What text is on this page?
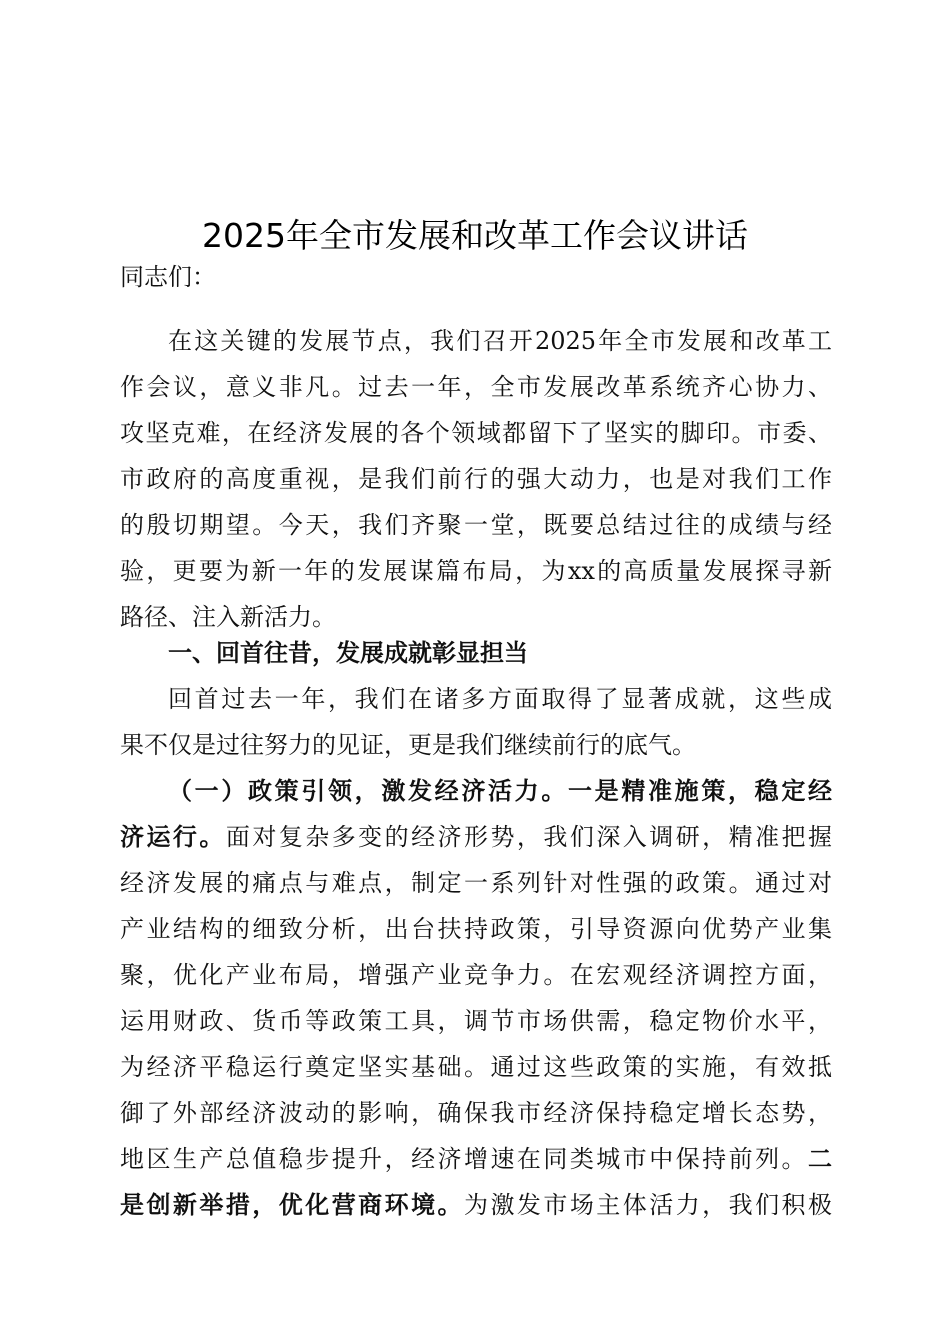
2025年全市发展和改革工作会议讲话
同志们：
在这关键的发展节点，我们召开2025年全市发展和改革工
作会议，意义非凡。过去一年，全市发展改革系统齐心协力、
攻坚克难，在经济发展的各个领域都留下了坚实的脚印。市委、
市政府的高度重视，是我们前行的强大动力，也是对我们工作
的殷切期望。今天，我们齐聚一堂，既要总结过往的成绩与经
验，更要为新一年的发展谋篇布局，为xx的高质量发展探寻新
路径、注入新活力。
一、回首往昔，发展成就彰显担当
回首过去一年，我们在诸多方面取得了显著成就，这些成
果不仅是过往努力的见证，更是我们继续前行的底气。
（一）政策引领，激发经济活力。一是精准施策，稳定经
济运行。面对复杂多变的经济形势，我们深入调研，精准把握
经济发展的痛点与难点，制定一系列针对性强的政策。通过对
产业结构的细致分析，出台扶持政策，引导资源向优势产业集
聚，优化产业布局，增强产业竞争力。在宏观经济调控方面，
运用财政、货币等政策工具，调节市场供需，稳定物价水平，
为经济平稳运行奠定坚实基础。通过这些政策的实施，有效抵
御了外部经济波动的影响，确保我市经济保持稳定增长态势，
地区生产总值稳步提升，经济增速在同类城市中保持前列。二
是创新举措，优化营商环境。为激发市场主体活力，我们积极
